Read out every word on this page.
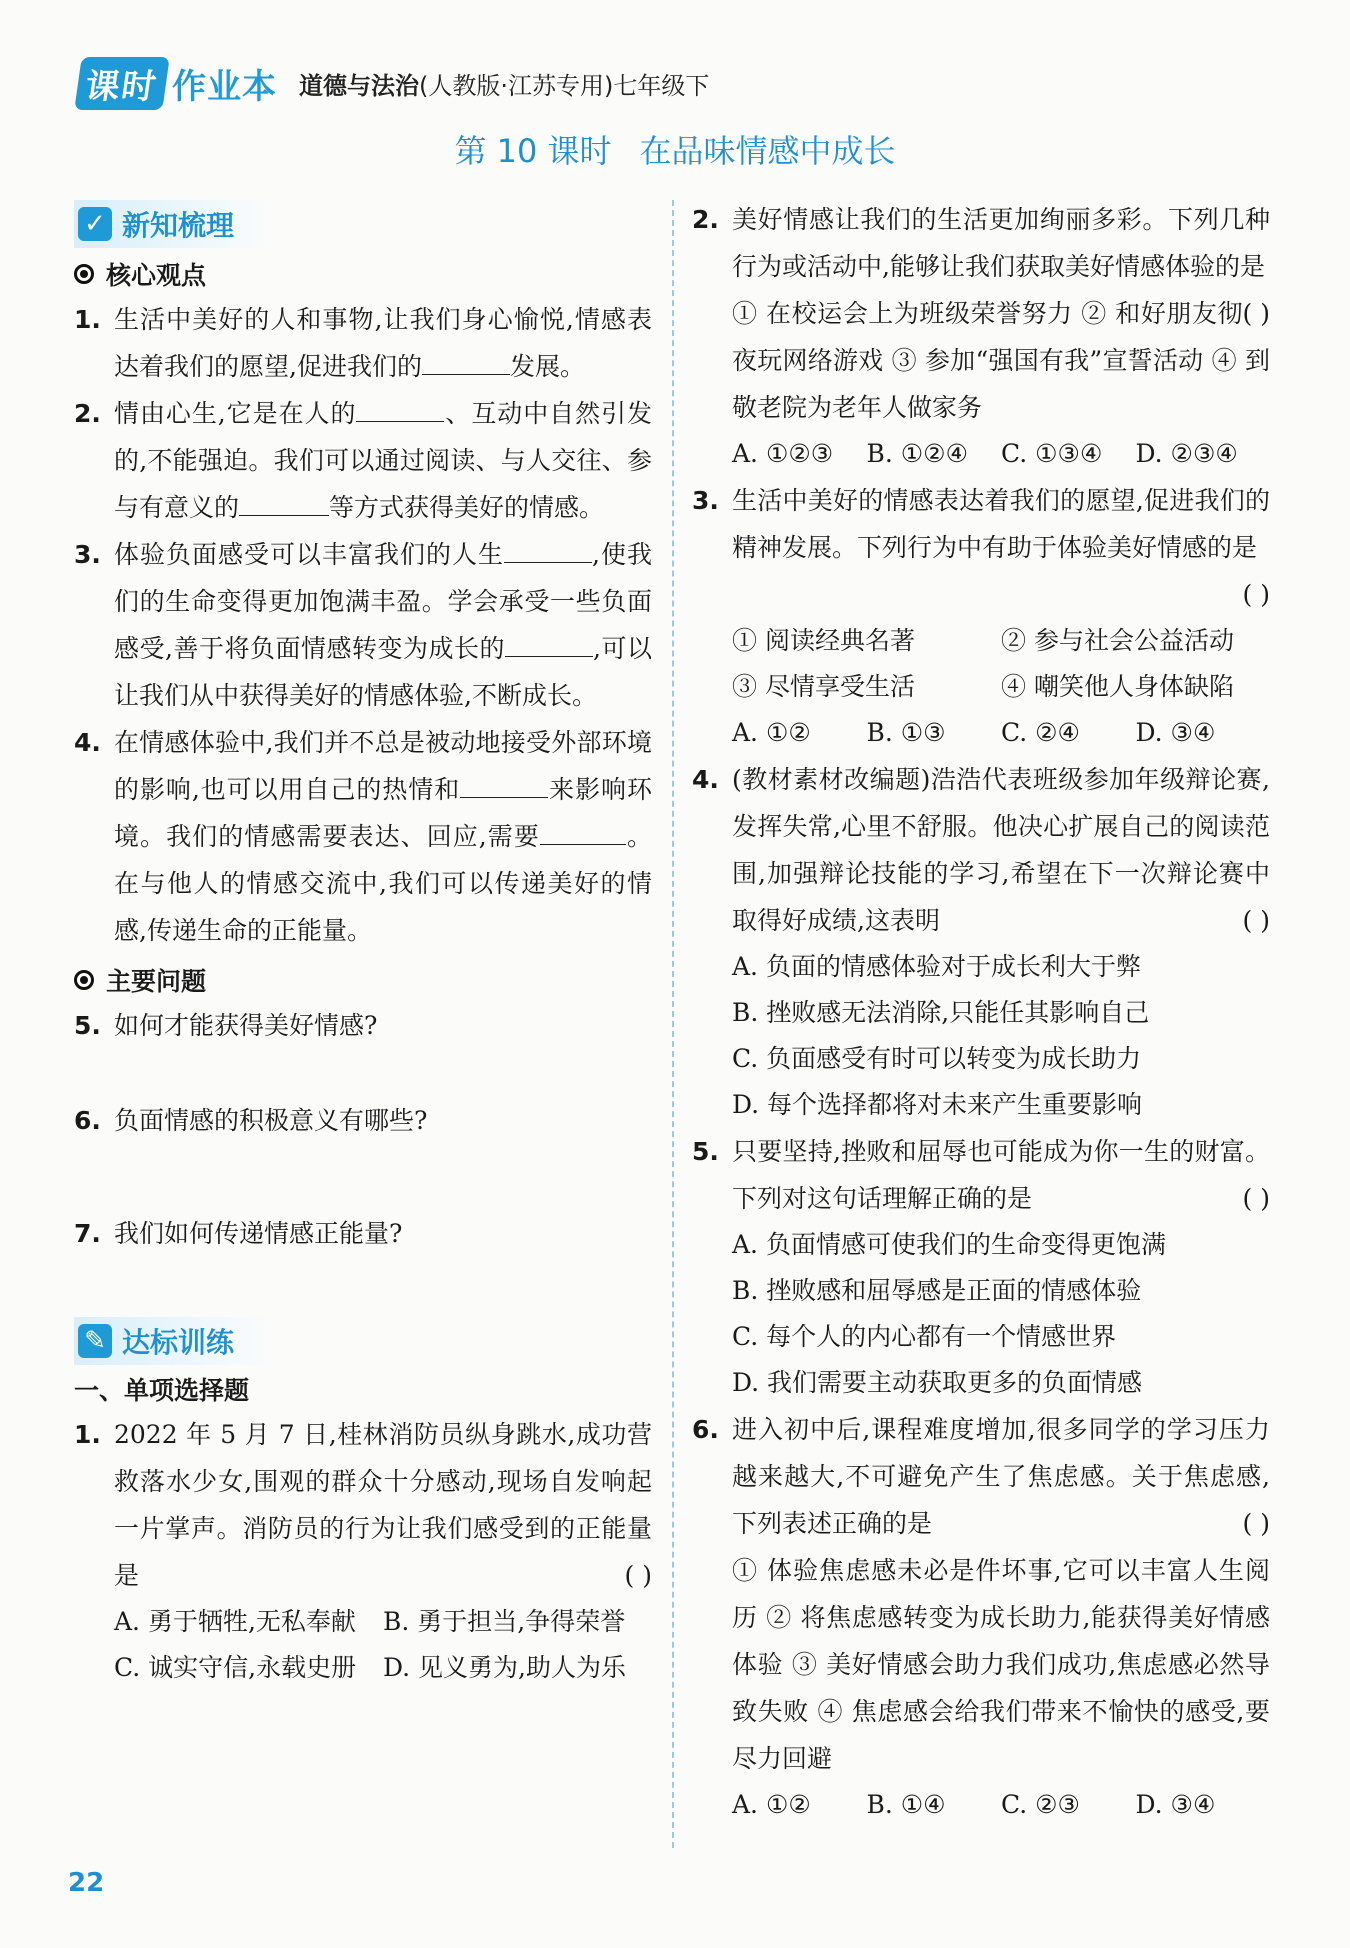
课时 作业本 道德与法治(人教版·江苏专用)七年级下
第 10 课时 在品味情感中成长
✓ 新知梳理
核心观点
1. 生活中美好的人和事物,让我们身心愉悦,情感表达着我们的愿望,促进我们的	发展。
2. 情由心生,它是在人的	、互动中自然引发的,不能强迫。我们可以通过阅读、与人交往、参与有意义的	等方式获得美好的情感。
3. 体验负面感受可以丰富我们的人生	,使我们的生命变得更加饱满丰盈。学会承受一些负面感受,善于将负面情感转变为成长的	,可以让我们从中获得美好的情感体验,不断成长。
4. 在情感体验中,我们并不总是被动地接受外部环境的影响,也可以用自己的热情和	来影响环境。我们的情感需要表达、回应,需要	。在与他人的情感交流中,我们可以传递美好的情感,传递生命的正能量。
主要问题
5. 如何才能获得美好情感?
6. 负面情感的积极意义有哪些?
7. 我们如何传递情感正能量?
✎ 达标训练
一、单项选择题
1. 2022 年 5 月 7 日,桂林消防员纵身跳水,成功营救落水少女,围观的群众十分感动,现场自发响起一片掌声。消防员的行为让我们感受到的正能量是	( )
A. 勇于牺牲,无私奉献	B. 勇于担当,争得荣誉
C. 诚实守信,永载史册	D. 见义勇为,助人为乐
2. 美好情感让我们的生活更加绚丽多彩。下列几种行为或活动中,能够让我们获取美好情感体验的是
( )

① 在校运会上为班级荣誉努力 ② 和好朋友彻夜玩网络游戏 ③ 参加“强国有我”宣誓活动 ④ 到敬老院为老年人做家务
A. ①②③	B. ①②④	C. ①③④	D. ②③④
3. 生活中美好的情感表达着我们的愿望,促进我们的精神发展。下列行为中有助于体验美好情感的是
( )
① 阅读经典名著	② 参与社会公益活动
③ 尽情享受生活	④ 嘲笑他人身体缺陷
A. ①②	B. ①③	C. ②④	D. ③④
4. (教材素材改编题)浩浩代表班级参加年级辩论赛,发挥失常,心里不舒服。他决心扩展自己的阅读范围,加强辩论技能的学习,希望在下一次辩论赛中取得好成绩,这表明	( )
A. 负面的情感体验对于成长利大于弊
B. 挫败感无法消除,只能任其影响自己
C. 负面感受有时可以转变为成长助力
D. 每个选择都将对未来产生重要影响
5. 只要坚持,挫败和屈辱也可能成为你一生的财富。下列对这句话理解正确的是	( )
A. 负面情感可使我们的生命变得更饱满
B. 挫败感和屈辱感是正面的情感体验
C. 每个人的内心都有一个情感世界
D. 我们需要主动获取更多的负面情感
6. 进入初中后,课程难度增加,很多同学的学习压力越来越大,不可避免产生了焦虑感。关于焦虑感,下列表述正确的是	( )

① 体验焦虑感未必是件坏事,它可以丰富人生阅历 ② 将焦虑感转变为成长助力,能获得美好情感体验 ③ 美好情感会助力我们成功,焦虑感必然导致失败 ④ 焦虑感会给我们带来不愉快的感受,要尽力回避
A. ①②	B. ①④	C. ②③	D. ③④
22
